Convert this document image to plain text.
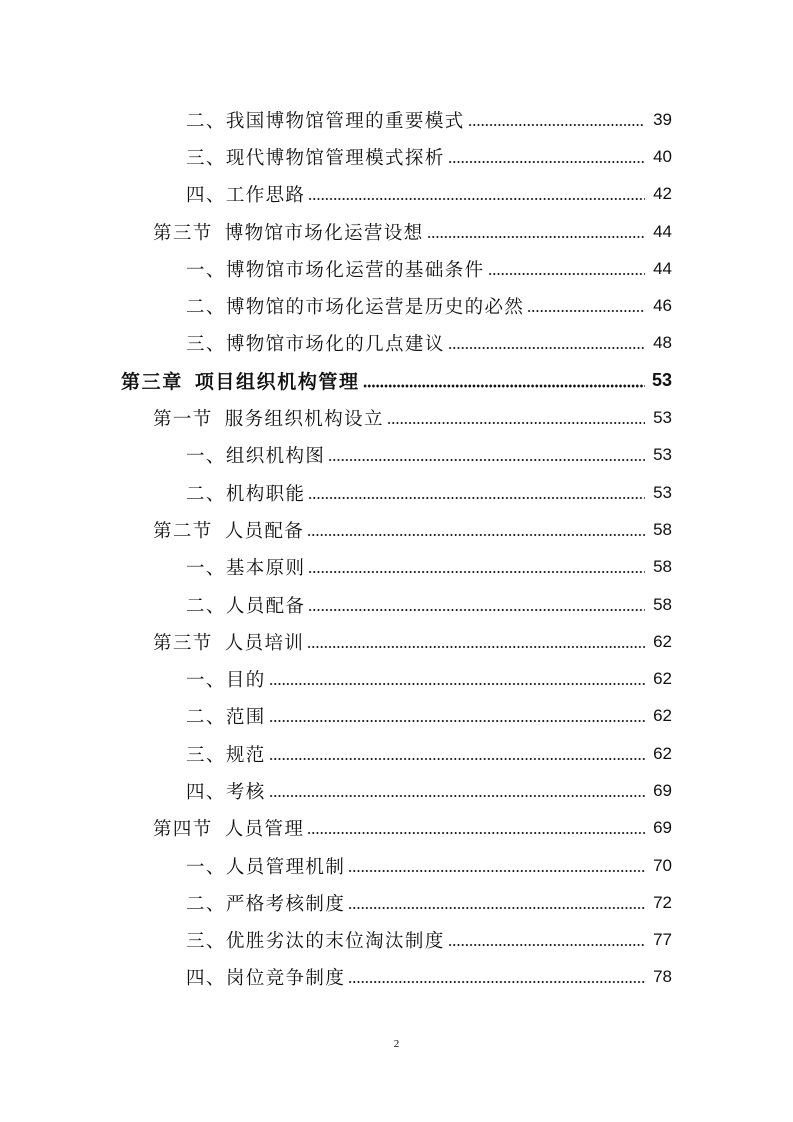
二、我国博物馆管理的重要模式	39
三、现代博物馆管理模式探析	40
四、工作思路	42
第三节 博物馆市场化运营设想	44
一、博物馆市场化运营的基础条件	44
二、博物馆的市场化运营是历史的必然	46
三、博物馆市场化的几点建议	48
第三章 项目组织机构管理	53
第一节 服务组织机构设立	53
一、组织机构图	53
二、机构职能	53
第二节 人员配备	58
一、基本原则	58
二、人员配备	58
第三节 人员培训	62
一、目的	62
二、范围	62
三、规范	62
四、考核	69
第四节 人员管理	69
一、人员管理机制	70
二、严格考核制度	72
三、优胜劣汰的末位淘汰制度	77
四、岗位竞争制度	78
2
